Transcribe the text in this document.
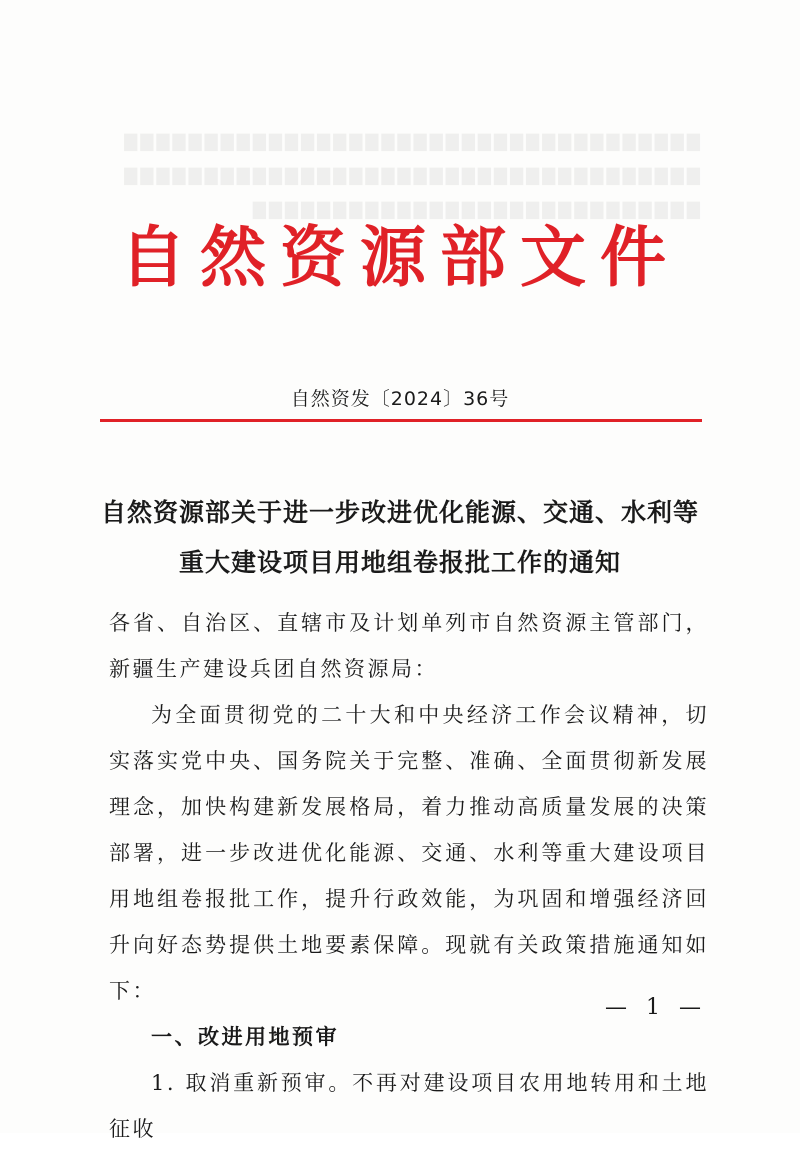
▇▇▇▇▇▇▇▇▇▇▇▇▇▇▇▇▇▇▇▇▇▇▇▇▇▇▇▇▇▇▇▇▇▇▇▇▇▇▇▇▇▇▇▇▇▇▇▇▇▇▇▇▇▇▇▇▇▇▇▇▇▇▇▇▇▇▇▇▇▇▇▇▇▇▇▇▇▇▇▇▇▇▇▇▇▇▇▇▇▇▇▇▇▇▇▇▇▇▇▇
自然资源部文件
自然资发〔2024〕36号
自然资源部关于进一步改进优化能源、交通、水利等
重大建设项目用地组卷报批工作的通知

各省、自治区、直辖市及计划单列市自然资源主管部门，新疆生产建设兵团自然资源局：

为全面贯彻党的二十大和中央经济工作会议精神，切实落实党中央、国务院关于完整、准确、全面贯彻新发展理念，加快构建新发展格局，着力推动高质量发展的决策部署，进一步改进优化能源、交通、水利等重大建设项目用地组卷报批工作，提升行政效能，为巩固和增强经济回升向好态势提供土地要素保障。现就有关政策措施通知如下：

一、改进用地预审

1. 取消重新预审。不再对建设项目农用地转用和土地征收

— 1 —
